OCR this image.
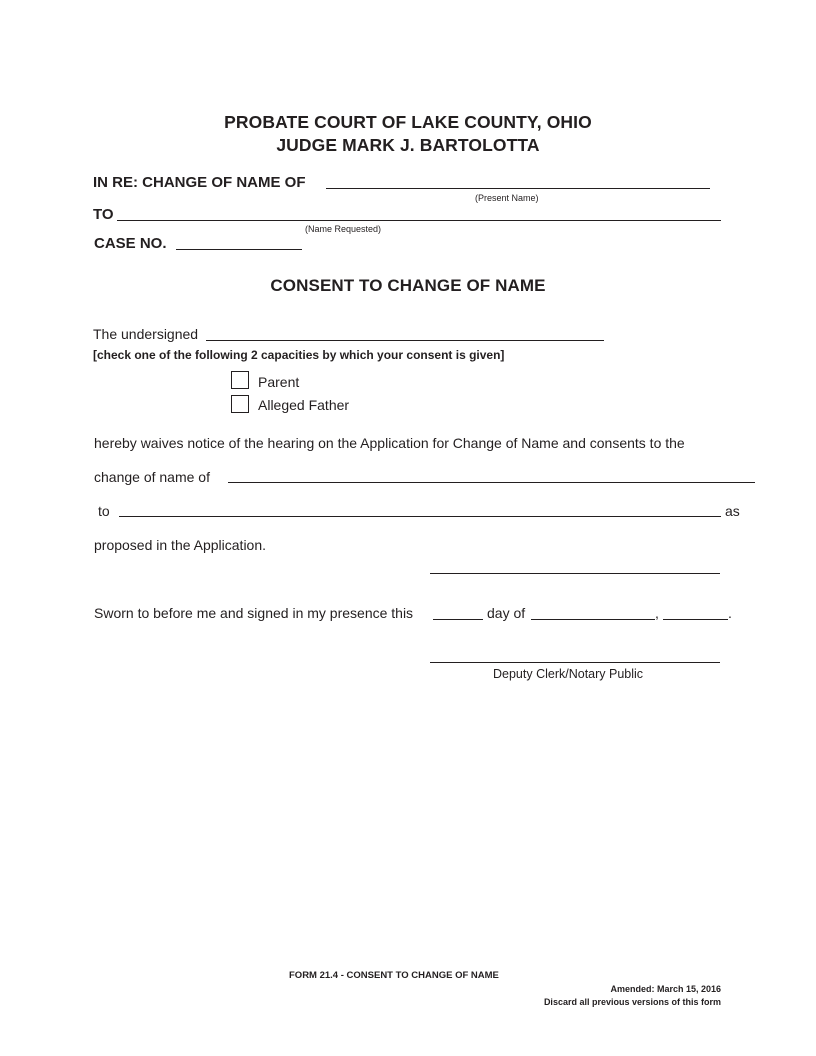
PROBATE COURT OF LAKE COUNTY, OHIO
JUDGE MARK J. BARTOLOTTA
IN RE: CHANGE OF NAME OF
(Present Name)
TO
(Name Requested)
CASE NO.
CONSENT TO CHANGE OF NAME
The undersigned
[check one of the following 2 capacities by which your consent is given]
Parent
Alleged Father
hereby waives notice of the hearing on the Application for Change of Name and consents to the
change of name of
to	as
proposed in the Application.
Sworn to before me and signed in my presence this	day of	,	.
Deputy Clerk/Notary Public
FORM 21.4 - CONSENT TO CHANGE OF NAME
Amended: March 15, 2016
Discard all previous versions of this form
